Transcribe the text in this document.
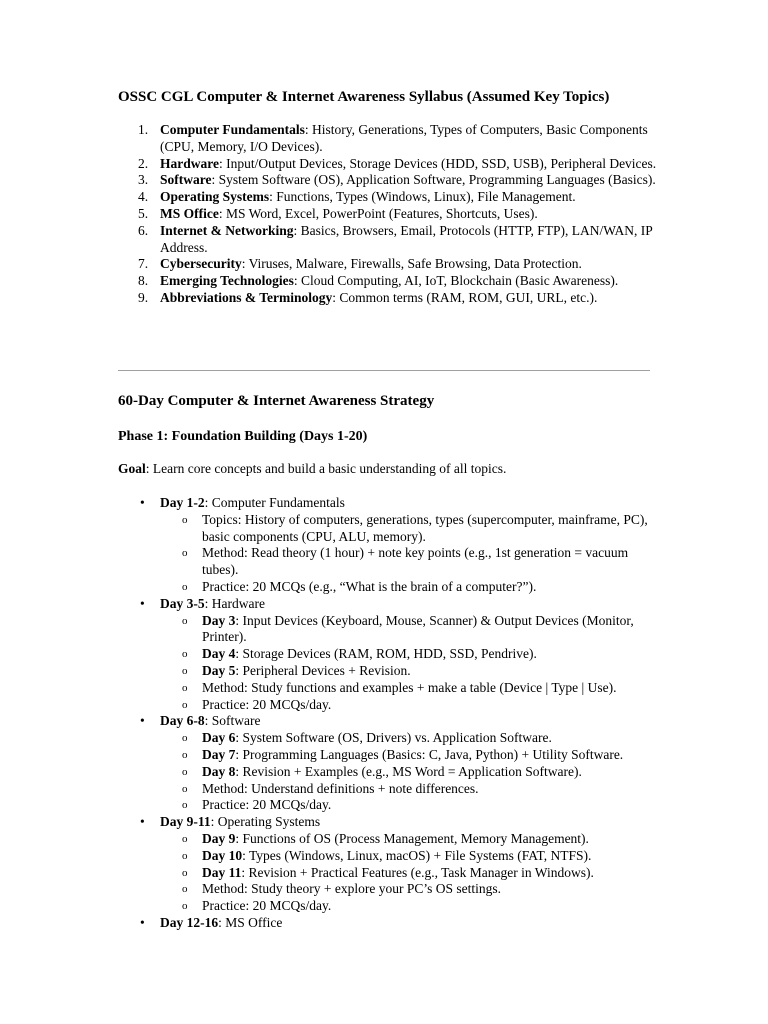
OSSC CGL Computer & Internet Awareness Syllabus (Assumed Key Topics)
1. Computer Fundamentals: History, Generations, Types of Computers, Basic Components (CPU, Memory, I/O Devices).
2. Hardware: Input/Output Devices, Storage Devices (HDD, SSD, USB), Peripheral Devices.
3. Software: System Software (OS), Application Software, Programming Languages (Basics).
4. Operating Systems: Functions, Types (Windows, Linux), File Management.
5. MS Office: MS Word, Excel, PowerPoint (Features, Shortcuts, Uses).
6. Internet & Networking: Basics, Browsers, Email, Protocols (HTTP, FTP), LAN/WAN, IP Address.
7. Cybersecurity: Viruses, Malware, Firewalls, Safe Browsing, Data Protection.
8. Emerging Technologies: Cloud Computing, AI, IoT, Blockchain (Basic Awareness).
9. Abbreviations & Terminology: Common terms (RAM, ROM, GUI, URL, etc.).
60-Day Computer & Internet Awareness Strategy
Phase 1: Foundation Building (Days 1-20)
Goal: Learn core concepts and build a basic understanding of all topics.
• Day 1-2: Computer Fundamentals
o Topics: History of computers, generations, types (supercomputer, mainframe, PC), basic components (CPU, ALU, memory).
o Method: Read theory (1 hour) + note key points (e.g., 1st generation = vacuum tubes).
o Practice: 20 MCQs (e.g., “What is the brain of a computer?”).
• Day 3-5: Hardware
o Day 3: Input Devices (Keyboard, Mouse, Scanner) & Output Devices (Monitor, Printer).
o Day 4: Storage Devices (RAM, ROM, HDD, SSD, Pendrive).
o Day 5: Peripheral Devices + Revision.
o Method: Study functions and examples + make a table (Device | Type | Use).
o Practice: 20 MCQs/day.
• Day 6-8: Software
o Day 6: System Software (OS, Drivers) vs. Application Software.
o Day 7: Programming Languages (Basics: C, Java, Python) + Utility Software.
o Day 8: Revision + Examples (e.g., MS Word = Application Software).
o Method: Understand definitions + note differences.
o Practice: 20 MCQs/day.
• Day 9-11: Operating Systems
o Day 9: Functions of OS (Process Management, Memory Management).
o Day 10: Types (Windows, Linux, macOS) + File Systems (FAT, NTFS).
o Day 11: Revision + Practical Features (e.g., Task Manager in Windows).
o Method: Study theory + explore your PC’s OS settings.
o Practice: 20 MCQs/day.
• Day 12-16: MS Office
